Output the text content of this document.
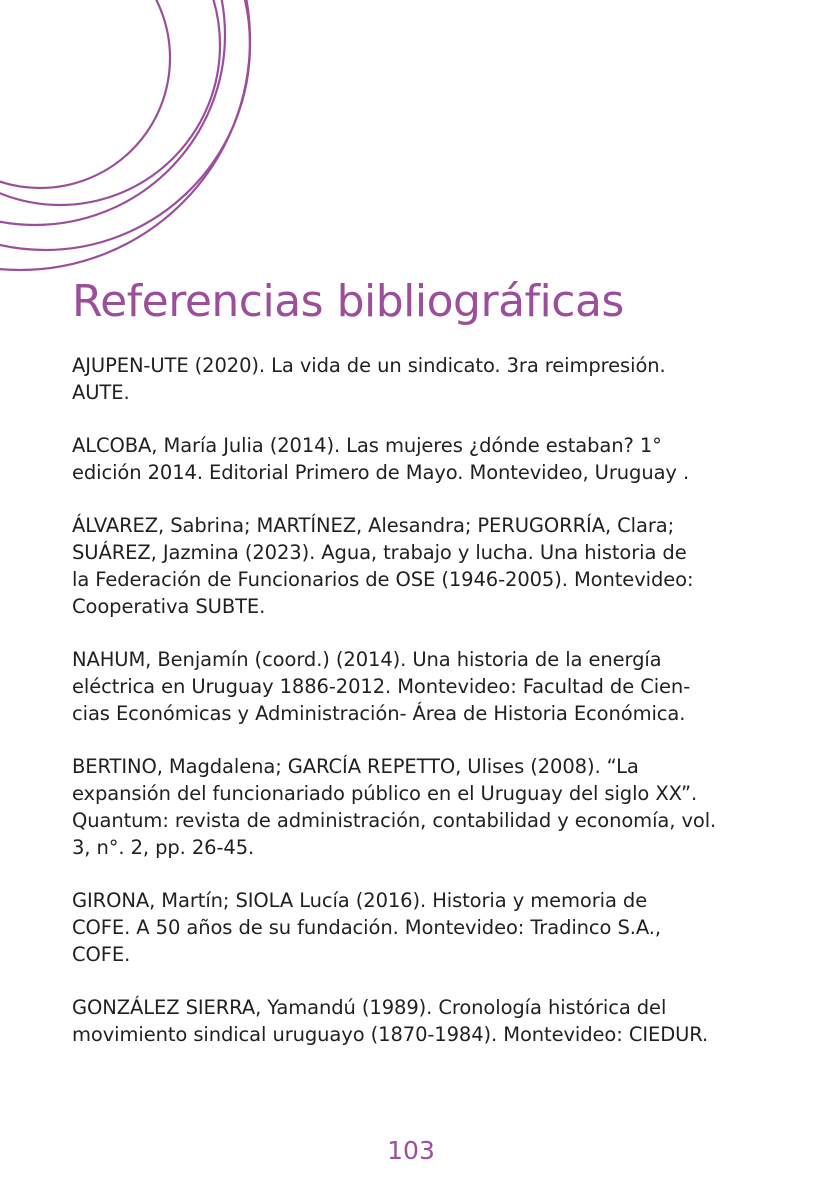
Referencias bibliográficas
AJUPEN-UTE (2020). La vida de un sindicato. 3ra reimpresión.
AUTE.
ALCOBA, María Julia (2014). Las mujeres ¿dónde estaban? 1°
edición 2014. Editorial Primero de Mayo. Montevideo, Uruguay .
ÁLVAREZ, Sabrina; MARTÍNEZ, Alesandra; PERUGORRÍA, Clara;
SUÁREZ, Jazmina (2023). Agua, trabajo y lucha. Una historia de
la Federación de Funcionarios de OSE (1946-2005). Montevideo:
Cooperativa SUBTE.
NAHUM, Benjamín (coord.) (2014). Una historia de la energía
eléctrica en Uruguay 1886-2012. Montevideo: Facultad de Cien-
cias Económicas y Administración- Área de Historia Económica.
BERTINO, Magdalena; GARCÍA REPETTO, Ulises (2008). “La
expansión del funcionariado público en el Uruguay del siglo XX”.
Quantum: revista de administración, contabilidad y economía, vol.
3, n°. 2, pp. 26-45.
GIRONA, Martín; SIOLA Lucía (2016). Historia y memoria de
COFE. A 50 años de su fundación. Montevideo: Tradinco S.A.,
COFE.
GONZÁLEZ SIERRA, Yamandú (1989). Cronología histórica del
movimiento sindical uruguayo (1870-1984). Montevideo: CIEDUR.
103
